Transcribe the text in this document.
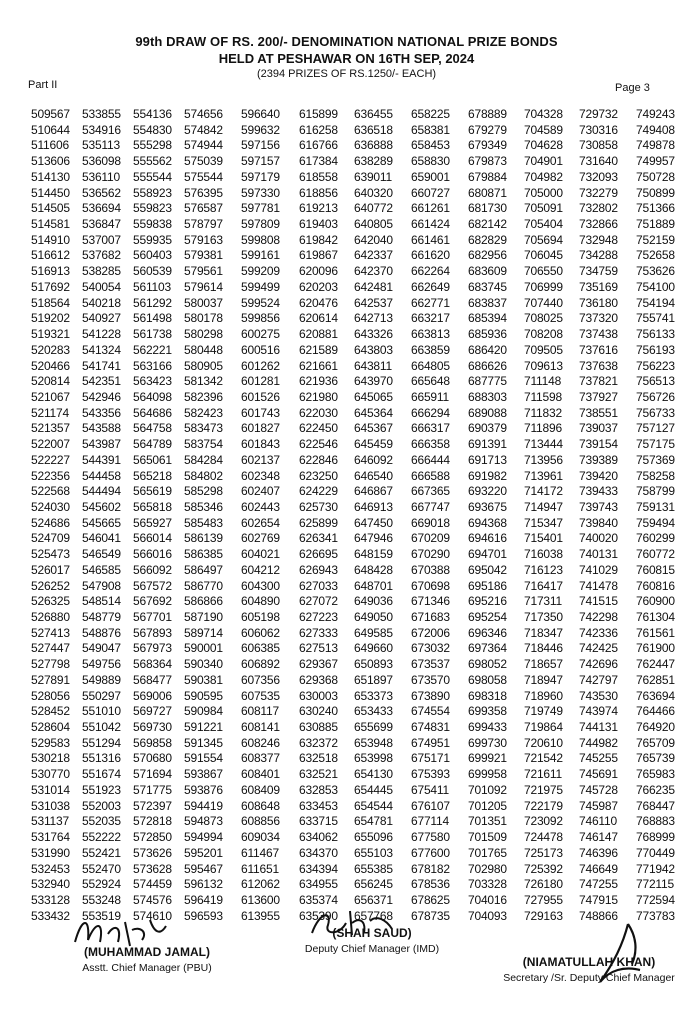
99th DRAW OF RS. 200/- DENOMINATION NATIONAL PRIZE BONDS
HELD AT PESHAWAR ON 16TH SEP, 2024
(2394 PRIZES OF RS.1250/- EACH)
Part II	Page 3
509567
510644
511606
513606
514130
514450
514505
514581
514910
516612
516913
517692
518564
519202
519321
520283
520466
520814
521067
521174
521357
522007
522227
522356
522568
524030
524686
524709
525473
526017
526252
526325
526880
527413
527447
527798
527891
528056
528452
528604
529583
530218
530770
531014
531038
531137
531764
531990
532453
532940
533128
533432
533855
534916
535113
536098
536110
536562
536694
536847
537007
537682
538285
540054
540218
540927
541228
541324
541741
542351
542946
543356
543588
543987
544391
544458
544494
545602
545665
546041
546549
546585
547908
548514
548779
548876
549047
549756
549889
550297
551010
551042
551294
551316
551674
551923
552003
552035
552222
552421
552470
552924
553248
553519
554136
554830
555298
555562
555544
558923
559823
559838
559935
560403
560539
561103
561292
561498
561738
562221
563166
563423
564098
564686
564758
564789
565061
565218
565619
565818
565927
566014
566016
566092
567572
567692
567701
567893
567973
568364
568477
569006
569727
569730
569858
570680
571694
571775
572397
572818
572850
573626
573628
574459
574576
574610
574656
574842
574944
575039
575544
576395
576587
578797
579163
579381
579561
579614
580037
580178
580298
580448
580905
581342
582396
582423
583473
583754
584284
584802
585298
585346
585483
586139
586385
586497
586770
586866
587190
589714
590001
590340
590381
590595
590984
591221
591345
591554
593867
593876
594419
594873
594994
595201
595467
596132
596419
596593
596640
599632
597156
597157
597179
597330
597781
597809
599808
599161
599209
599499
599524
599856
600275
600516
601262
601281
601526
601743
601827
601843
602137
602348
602407
602443
602654
602769
604021
604212
604300
604890
605198
606062
606385
606892
607356
607535
608117
608141
608246
608377
608401
608409
608648
608856
609034
611467
611651
612062
613600
613955
615899
616258
616766
617384
618558
618856
619213
619403
619842
619867
620096
620203
620476
620614
620881
621589
621661
621936
621980
622030
622450
622546
622846
623250
624229
625730
625899
626341
626695
626943
627033
627072
627223
627333
627513
629367
629368
630003
630240
630885
632372
632518
632521
632853
633453
633715
634062
634370
634394
634955
635374
635390
636455
636518
636888
638289
639011
640320
640772
640805
642040
642337
642370
642481
642537
642713
643326
643803
643811
643970
645065
645364
645367
645459
646092
646540
646867
646913
647450
647946
648159
648428
648701
649036
649050
649585
649660
650893
651897
653373
653433
655699
653948
653998
654130
654445
654544
654781
655096
655103
655385
656245
656371
657768
658225
658381
658453
658830
659001
660727
661261
661424
661461
661620
662264
662649
662771
663217
663813
663859
664805
665648
665911
666294
666317
666358
666444
666588
667365
667747
669018
670209
670290
670388
670698
671346
671683
672006
673032
673537
673570
673890
674554
674831
674951
675171
675393
675411
676107
677114
677580
677600
678182
678536
678625
678735
678889
679279
679349
679873
679884
680871
681730
682142
682829
682956
683609
683745
683837
685394
685936
686420
686626
687775
688303
689088
690379
691391
691713
691982
693220
693675
694368
694616
694701
695042
695186
695216
695254
696346
697364
698052
698058
698318
699358
699433
699730
699921
699958
701092
701205
701351
701509
701765
702980
703328
704016
704093
704328
704589
704628
704901
704982
705000
705091
705404
705694
706045
706550
706999
707440
708025
708208
709505
709613
711148
711598
711832
711896
713444
713956
713961
714172
714947
715347
715401
716038
716123
716417
717311
717350
718347
718446
718657
718947
718960
719749
719864
720610
721542
721611
721975
722179
723092
724478
725173
725392
726180
727955
729163
729732
730316
730858
731640
732093
732279
732802
732866
732948
734288
734759
735169
736180
737320
737438
737616
737638
737821
737927
738551
739037
739154
739389
739420
739433
739743
739840
740020
740131
741029
741478
741515
742298
742336
742425
742696
742797
743530
743974
744131
744982
745255
745691
745728
745987
746110
746147
746396
746649
747255
747915
748866
749243
749408
749878
749957
750728
750899
751366
751889
752159
752658
753626
754100
754194
755741
756133
756193
756223
756513
756726
756733
757127
757175
757369
758258
758799
759131
759494
760299
760772
760815
760816
760900
761304
761561
761900
762447
762851
763694
764466
764920
765709
765739
765983
766235
768447
768883
768999
770449
771942
772115
772594
773783
(MUHAMMAD JAMAL)
Asstt. Chief Manager (PBU)
(SHAH SAUD)
Deputy Chief Manager (IMD)
(NIAMATULLAH KHAN)
Secretary /Sr. Deputy Chief Manager
